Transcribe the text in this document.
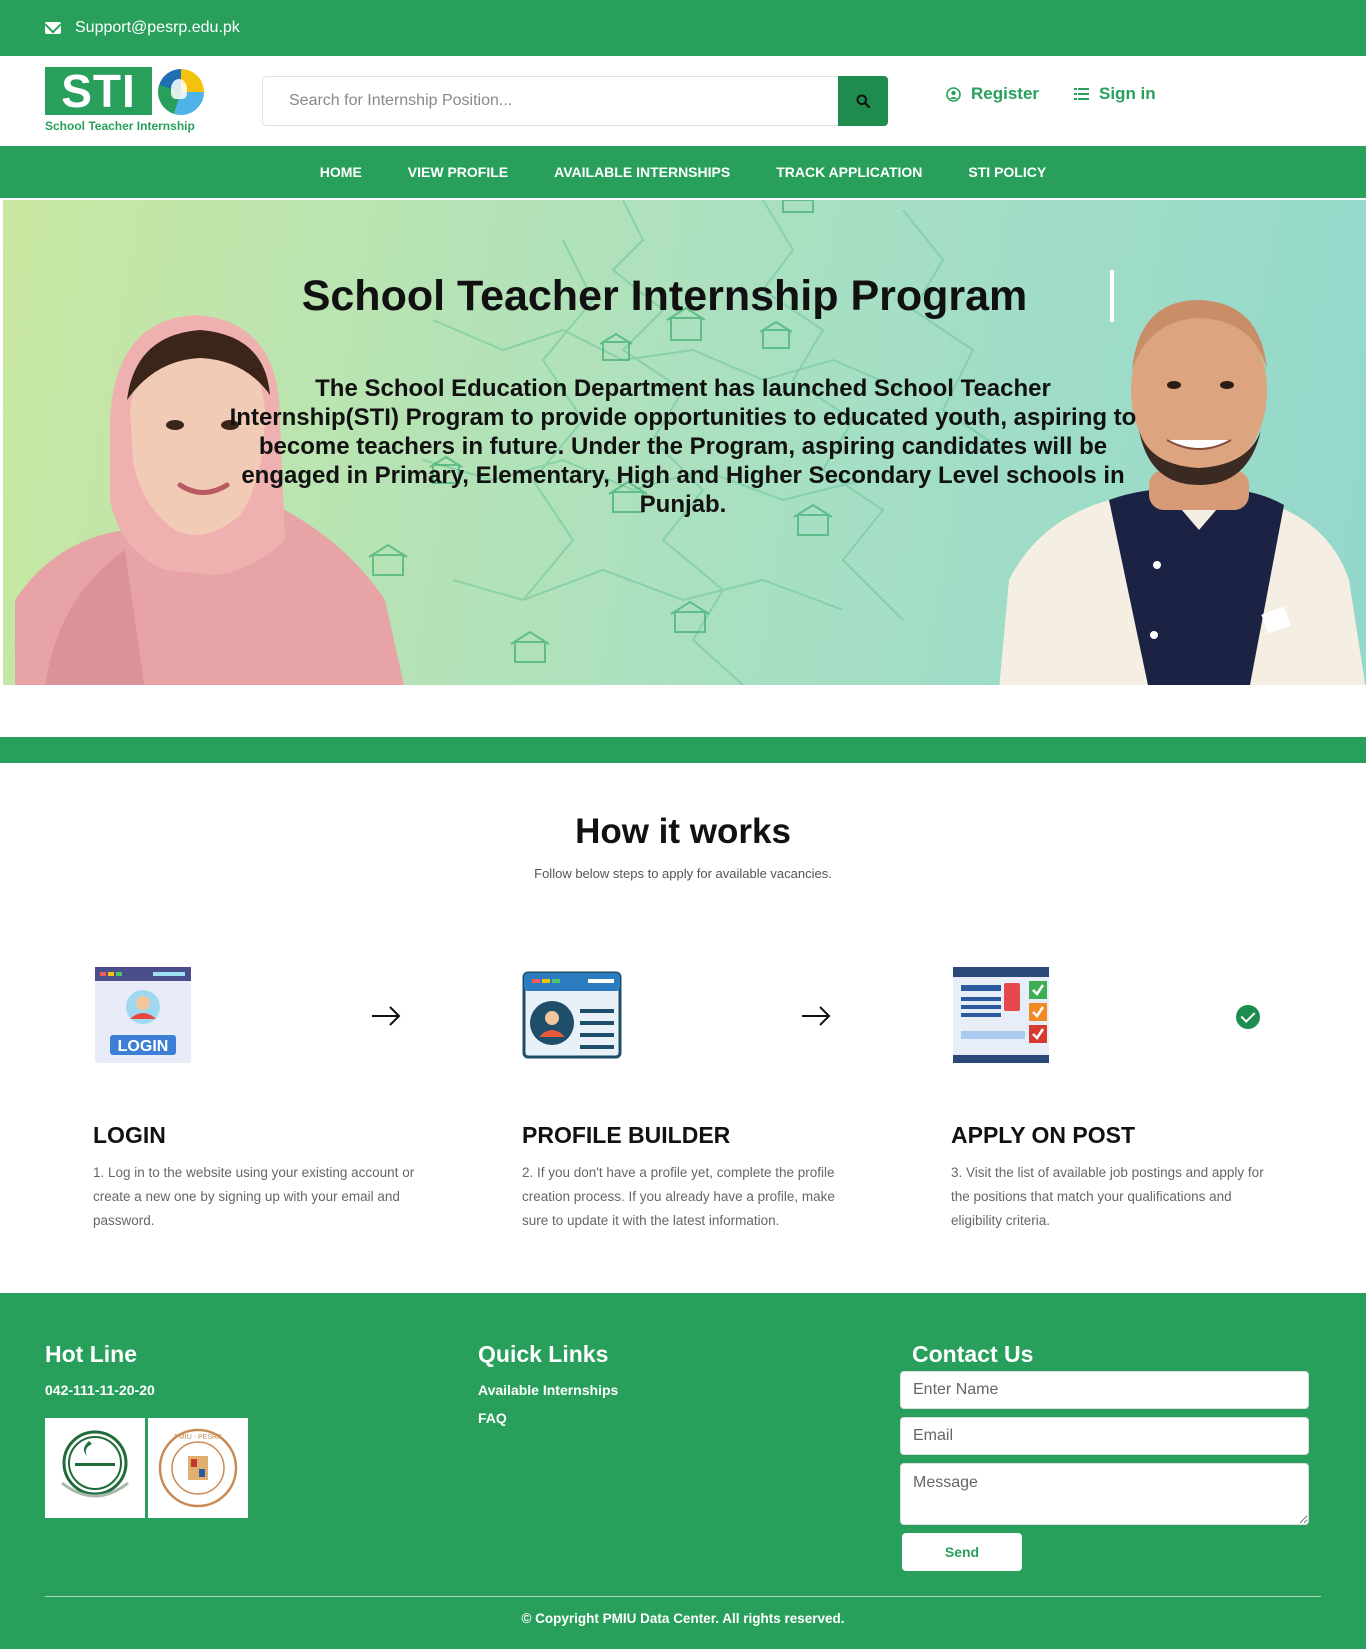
Support@pesrp.edu.pk
STI
School Teacher Internship
Search for Internship Position...
Register	Sign in
HOME	VIEW PROFILE	AVAILABLE INTERNSHIPS	TRACK APPLICATION	STI POLICY
School Teacher Internship Program

The School Education Department has launched School Teacher Internship(STI) Program to provide opportunities to educated youth, aspiring to become teachers in future. Under the Program, aspiring candidates will be engaged in Primary, Elementary, High and Higher Secondary Level schools in Punjab.

How it works
Follow below steps to apply for available vacancies.
LOGIN
LOGIN

1. Log in to the website using your existing account or create a new one by signing up with your email and password.

PROFILE BUILDER

2. If you don't have a profile yet, complete the profile creation process. If you already have a profile, make sure to update it with the latest information.

APPLY ON POST

3. Visit the list of available job postings and apply for the positions that match your qualifications and eligibility criteria.

Hot Line
042-111-11-20-20
PMIU - PESRP
Quick Links
Available Internships
FAQ
Contact Us
Enter Name
Email
Message
Send
© Copyright PMIU Data Center. All rights reserved.
